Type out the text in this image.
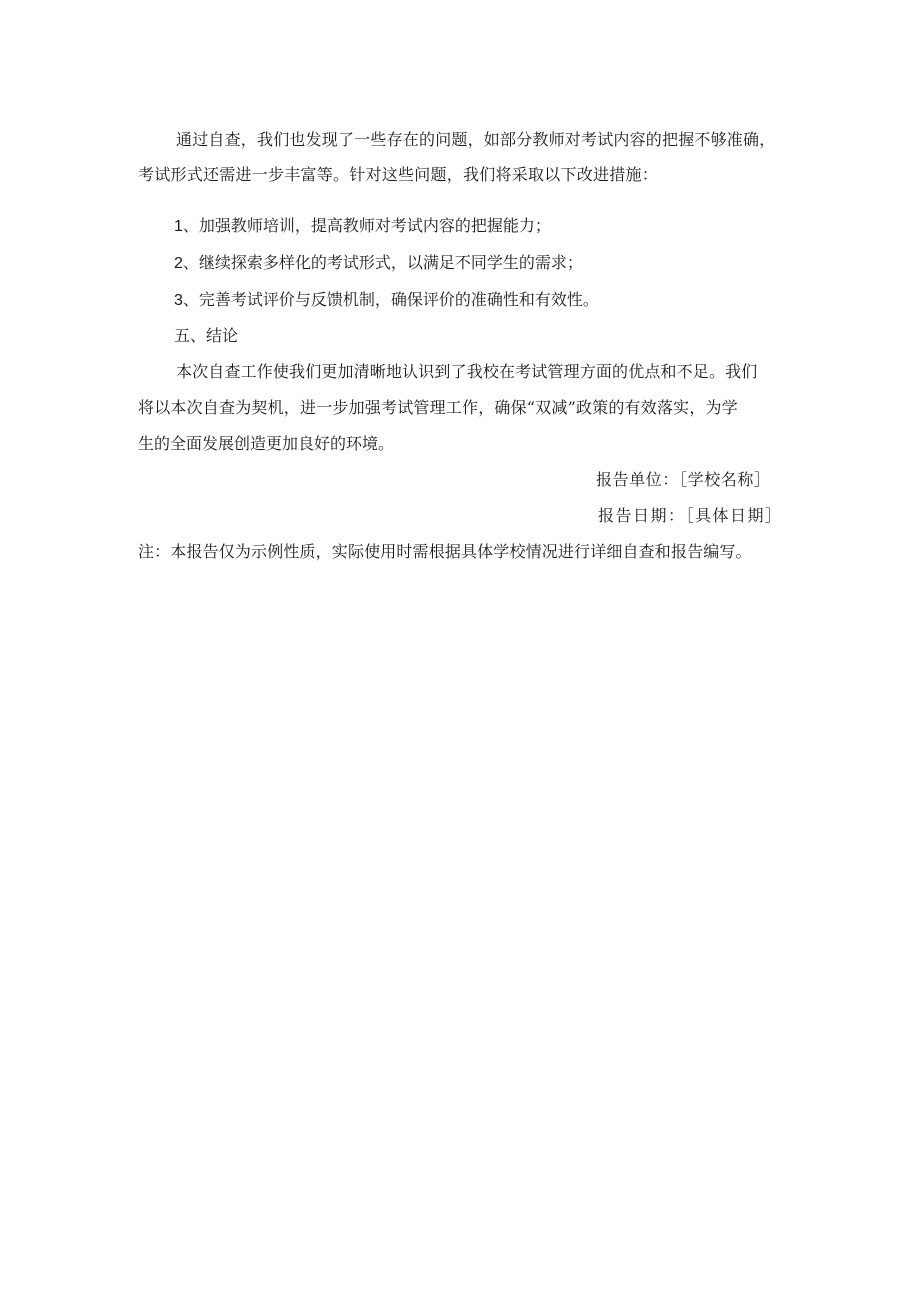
通过自查，我们也发现了一些存在的问题，如部分教师对考试内容的把握不够准确，
考试形式还需进一步丰富等。针对这些问题，我们将采取以下改进措施：
1、加强教师培训，提高教师对考试内容的把握能力；
2、继续探索多样化的考试形式，以满足不同学生的需求；
3、完善考试评价与反馈机制，确保评价的准确性和有效性。
五、结论
本次自查工作使我们更加清晰地认识到了我校在考试管理方面的优点和不足。我们
将以本次自查为契机，进一步加强考试管理工作，确保“双减”政策的有效落实，为学
生的全面发展创造更加良好的环境。
报告单位：［学校名称］
报告日期：［具体日期］
注：本报告仅为示例性质，实际使用时需根据具体学校情况进行详细自查和报告编写。
